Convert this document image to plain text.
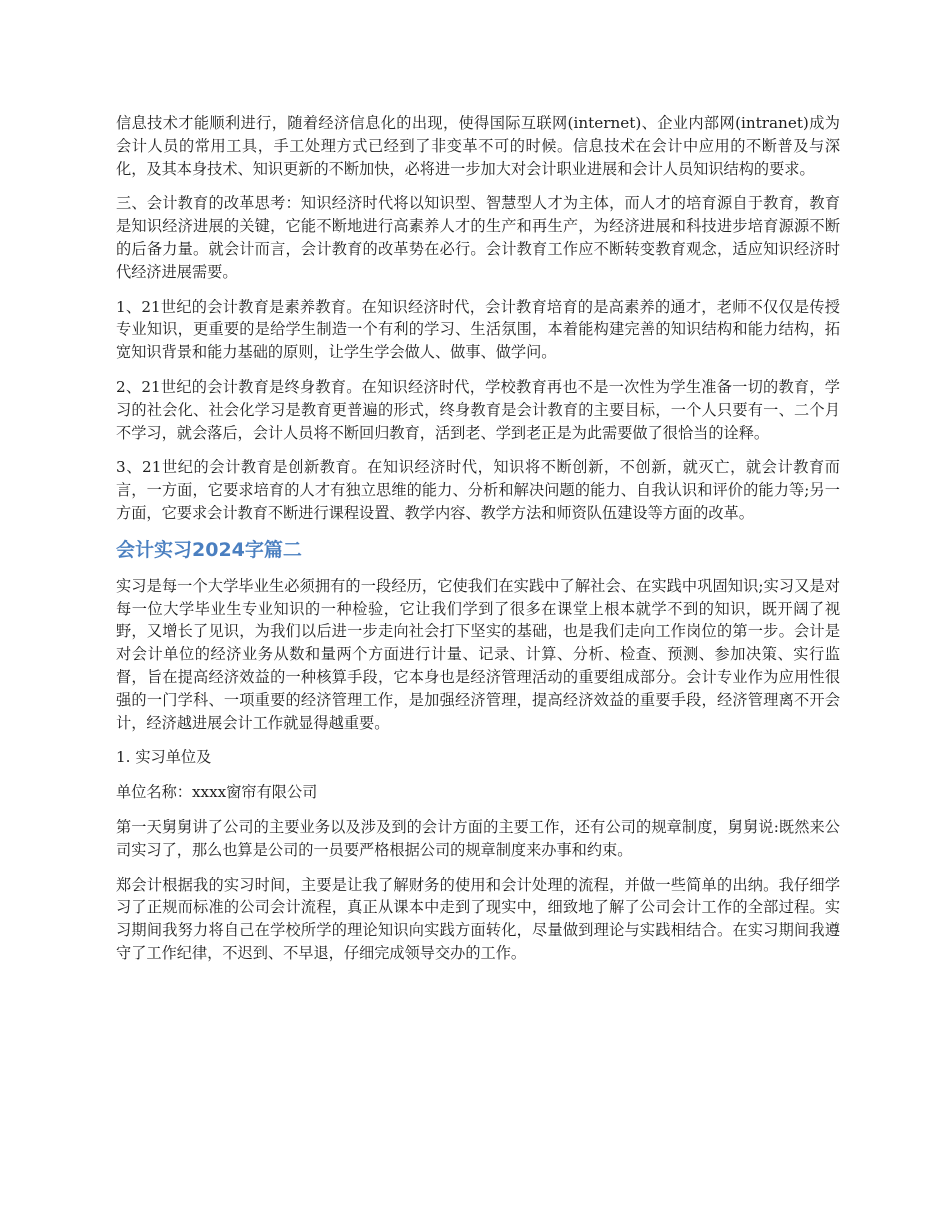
信息技术才能顺利进行，随着经济信息化的出现，使得国际互联网(internet)、企业内部网(intranet)成为会计人员的常用工具，手工处理方式已经到了非变革不可的时候。信息技术在会计中应用的不断普及与深化，及其本身技术、知识更新的不断加快，必将进一步加大对会计职业进展和会计人员知识结构的要求。

三、会计教育的改革思考：知识经济时代将以知识型、智慧型人才为主体，而人才的培育源自于教育，教育是知识经济进展的关键，它能不断地进行高素养人才的生产和再生产，为经济进展和科技进步培育源源不断的后备力量。就会计而言，会计教育的改革势在必行。会计教育工作应不断转变教育观念，适应知识经济时代经济进展需要。

1、21世纪的会计教育是素养教育。在知识经济时代，会计教育培育的是高素养的通才，老师不仅仅是传授专业知识，更重要的是给学生制造一个有利的学习、生活氛围，本着能构建完善的知识结构和能力结构，拓宽知识背景和能力基础的原则，让学生学会做人、做事、做学问。

2、21世纪的会计教育是终身教育。在知识经济时代，学校教育再也不是一次性为学生准备一切的教育，学习的社会化、社会化学习是教育更普遍的形式，终身教育是会计教育的主要目标，一个人只要有一、二个月不学习，就会落后，会计人员将不断回归教育，活到老、学到老正是为此需要做了很恰当的诠释。

3、21世纪的会计教育是创新教育。在知识经济时代，知识将不断创新，不创新，就灭亡，就会计教育而言，一方面，它要求培育的人才有独立思维的能力、分析和解决问题的能力、自我认识和评价的能力等;另一方面，它要求会计教育不断进行课程设置、教学内容、教学方法和师资队伍建设等方面的改革。

会计实习2024字篇二

实习是每一个大学毕业生必须拥有的一段经历，它使我们在实践中了解社会、在实践中巩固知识;实习又是对每一位大学毕业生专业知识的一种检验，它让我们学到了很多在课堂上根本就学不到的知识，既开阔了视野，又增长了见识，为我们以后进一步走向社会打下坚实的基础，也是我们走向工作岗位的第一步。会计是对会计单位的经济业务从数和量两个方面进行计量、记录、计算、分析、检查、预测、参加决策、实行监督，旨在提高经济效益的一种核算手段，它本身也是经济管理活动的重要组成部分。会计专业作为应用性很强的一门学科、一项重要的经济管理工作，是加强经济管理，提高经济效益的重要手段，经济管理离不开会计，经济越进展会计工作就显得越重要。

1. 实习单位及

单位名称：xxxx窗帘有限公司

第一天舅舅讲了公司的主要业务以及涉及到的会计方面的主要工作，还有公司的规章制度，舅舅说:既然来公司实习了，那么也算是公司的一员要严格根据公司的规章制度来办事和约束。

郑会计根据我的实习时间，主要是让我了解财务的使用和会计处理的流程，并做一些简单的出纳。我仔细学习了正规而标准的公司会计流程，真正从课本中走到了现实中，细致地了解了公司会计工作的全部过程。实习期间我努力将自己在学校所学的理论知识向实践方面转化，尽量做到理论与实践相结合。在实习期间我遵守了工作纪律，不迟到、不早退，仔细完成领导交办的工作。
